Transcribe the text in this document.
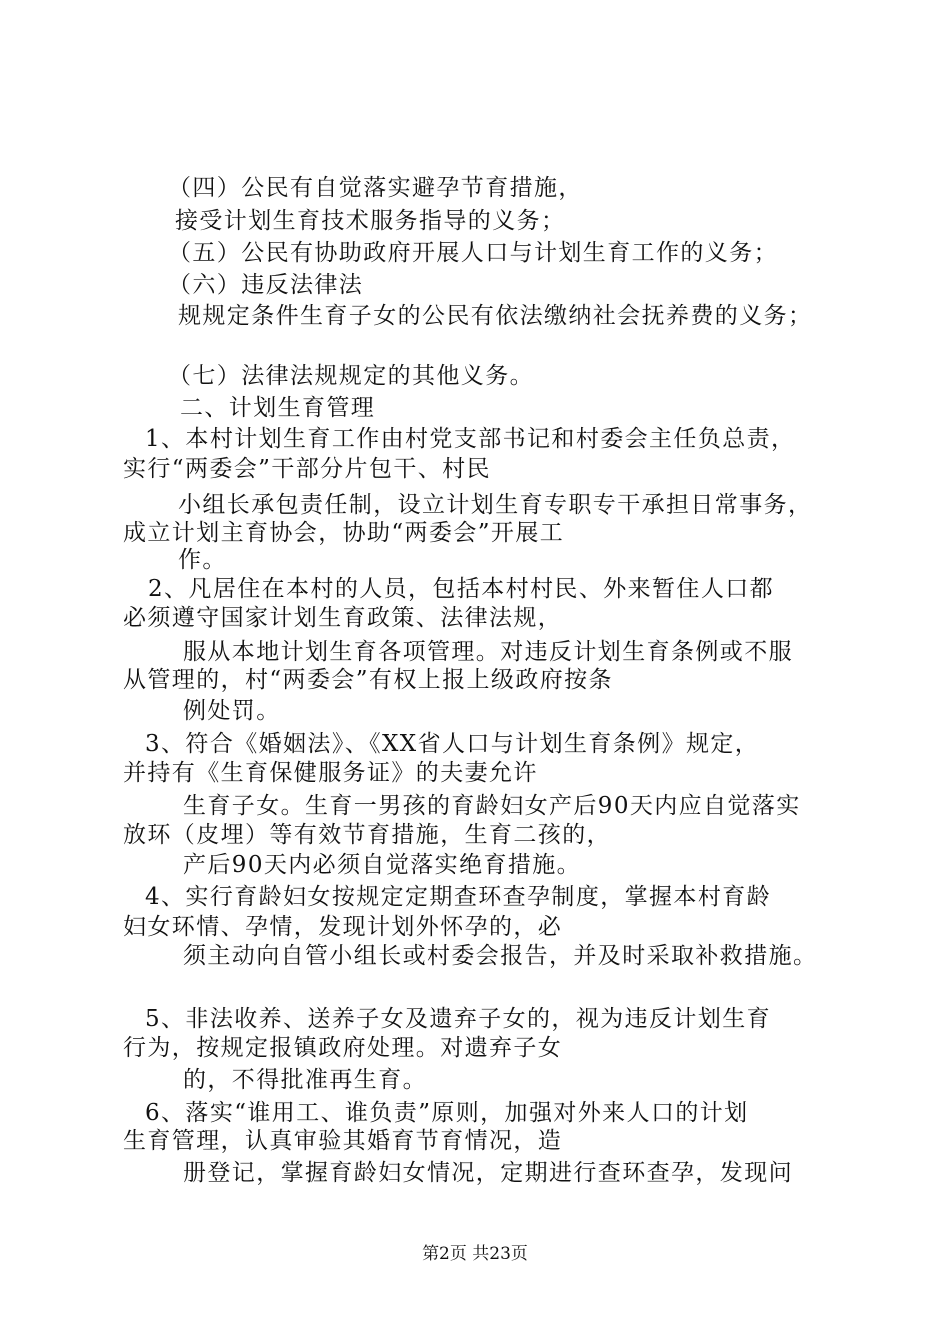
（四）公民有自觉落实避孕节育措施，
接受计划生育技术服务指导的义务；
（五）公民有协助政府开展人口与计划生育工作的义务；
（六）违反法律法
规规定条件生育子女的公民有依法缴纳社会抚养费的义务；
（七）法律法规规定的其他义务。
二、计划生育管理
1、本村计划生育工作由村党支部书记和村委会主任负总责，
实行“两委会”干部分片包干、村民
小组长承包责任制，设立计划生育专职专干承担日常事务，
成立计划主育协会，协助“两委会”开展工
作。
2、凡居住在本村的人员，包括本村村民、外来暂住人口都
必须遵守国家计划生育政策、法律法规，
服从本地计划生育各项管理。对违反计划生育条例或不服
从管理的，村“两委会”有权上报上级政府按条
例处罚。
3、符合《婚姻法》、《XX省人口与计划生育条例》规定，
并持有《生育保健服务证》的夫妻允许
生育子女。生育一男孩的育龄妇女产后90天内应自觉落实
放环（皮埋）等有效节育措施，生育二孩的，
产后90天内必须自觉落实绝育措施。
4、实行育龄妇女按规定定期查环查孕制度，掌握本村育龄
妇女环情、孕情，发现计划外怀孕的，必
须主动向自管小组长或村委会报告，并及时采取补救措施。
5、非法收养、送养子女及遗弃子女的，视为违反计划生育
行为，按规定报镇政府处理。对遗弃子女
的，不得批准再生育。
6、落实“谁用工、谁负责”原则，加强对外来人口的计划
生育管理，认真审验其婚育节育情况，造
册登记，掌握育龄妇女情况，定期进行查环查孕，发现问
第2页 共23页
